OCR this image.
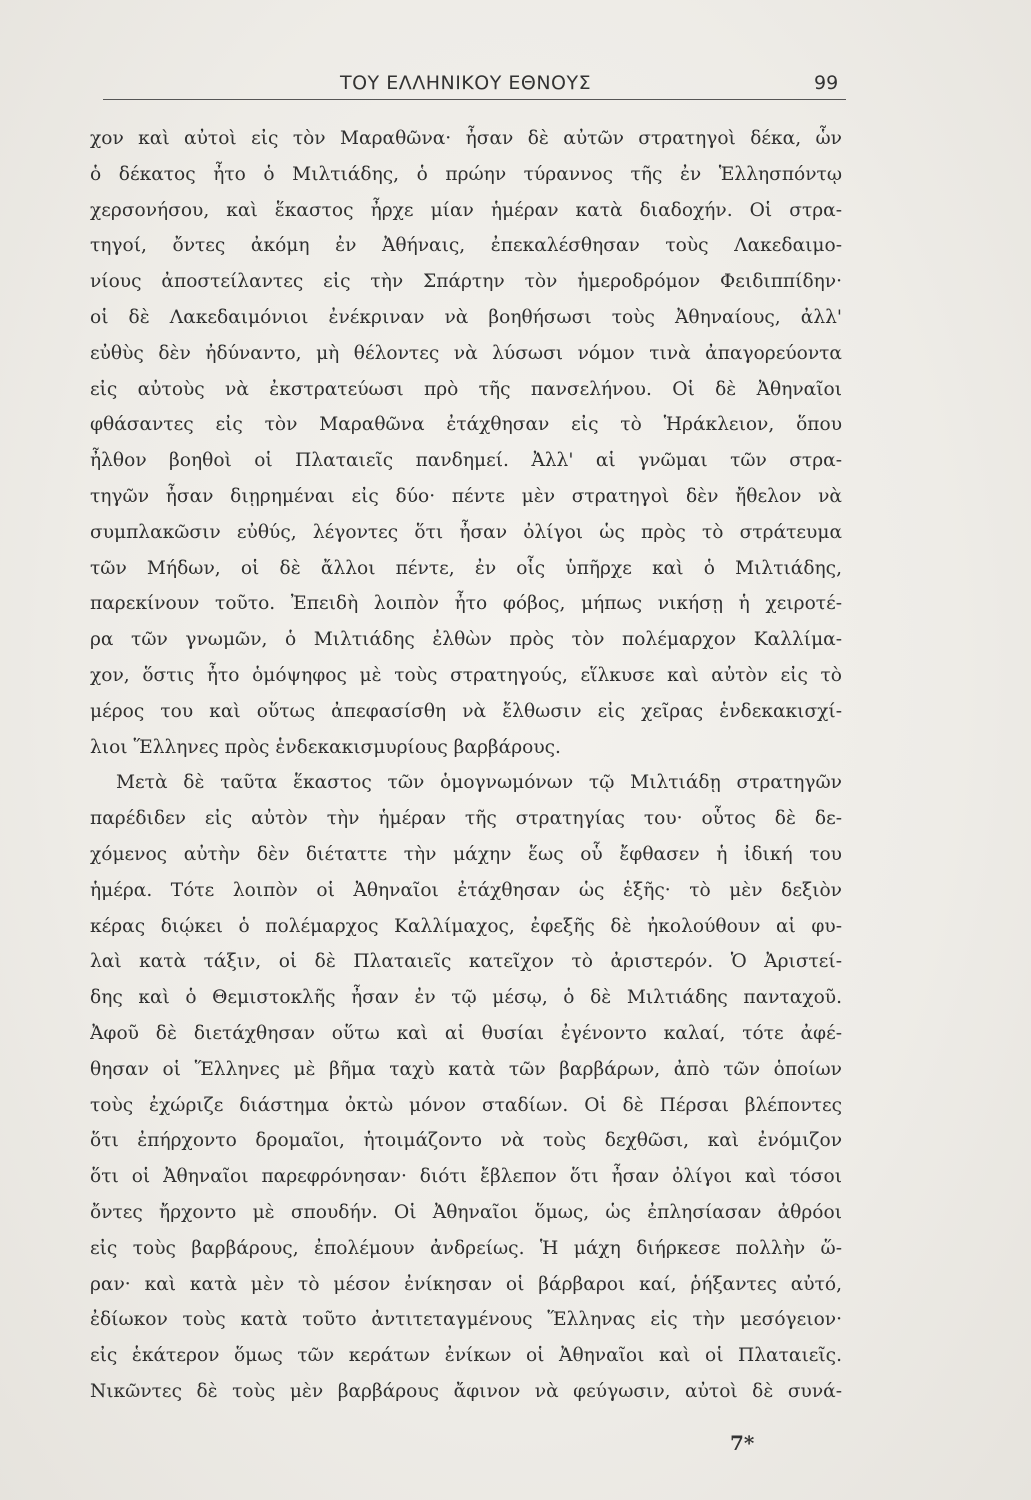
ΤΟΥ ΕΛΛΗΝΙΚΟΥ ΕΘΝΟΥΣ	99
χον καὶ αὐτοὶ εἰς τὸν Μαραθῶνα· ἦσαν δὲ αὐτῶν στρατηγοὶ δέκα, ὧν
ὁ δέκατος ἦτο ὁ Μιλτιάδης, ὁ πρώην τύραννος τῆς ἐν Ἑλλησπόντῳ
χερσονήσου, καὶ ἕκαστος ἦρχε μίαν ἡμέραν κατὰ διαδοχήν. Οἱ στρα-
τηγοί, ὄντες ἀκόμη ἐν Ἀθήναις, ἐπεκαλέσθησαν τοὺς Λακεδαιμο-
νίους ἀποστείλαντες εἰς τὴν Σπάρτην τὸν ἡμεροδρόμον Φειδιππίδην·
οἱ δὲ Λακεδαιμόνιοι ἐνέκριναν νὰ βοηθήσωσι τοὺς Ἀθηναίους, ἀλλ'
εὐθὺς δὲν ἠδύναντο, μὴ θέλοντες νὰ λύσωσι νόμον τινὰ ἀπαγορεύοντα
εἰς αὐτοὺς νὰ ἐκστρατεύωσι πρὸ τῆς πανσελήνου. Οἱ δὲ Ἀθηναῖοι
φθάσαντες εἰς τὸν Μαραθῶνα ἐτάχθησαν εἰς τὸ Ἡράκλειον, ὅπου
ἦλθον βοηθοὶ οἱ Πλαταιεῖς πανδημεί. Ἀλλ' αἱ γνῶμαι τῶν στρα-
τηγῶν ἦσαν διῃρημέναι εἰς δύο· πέντε μὲν στρατηγοὶ δὲν ἤθελον νὰ
συμπλακῶσιν εὐθύς, λέγοντες ὅτι ἦσαν ὀλίγοι ὡς πρὸς τὸ στράτευμα
τῶν Μήδων, οἱ δὲ ἄλλοι πέντε, ἐν οἷς ὑπῆρχε καὶ ὁ Μιλτιάδης,
παρεκίνουν τοῦτο. Ἐπειδὴ λοιπὸν ἦτο φόβος, μήπως νικήσῃ ἡ χειροτέ-
ρα τῶν γνωμῶν, ὁ Μιλτιάδης ἐλθὼν πρὸς τὸν πολέμαρχον Καλλίμα-
χον, ὅστις ἦτο ὁμόψηφος μὲ τοὺς στρατηγούς, εἵλκυσε καὶ αὐτὸν εἰς τὸ
μέρος του καὶ οὕτως ἀπεφασίσθη νὰ ἔλθωσιν εἰς χεῖρας ἑνδεκακισχί-
λιοι Ἕλληνες πρὸς ἑνδεκακισμυρίους βαρβάρους.
Μετὰ δὲ ταῦτα ἕκαστος τῶν ὁμογνωμόνων τῷ Μιλτιάδῃ στρατηγῶν
παρέδιδεν εἰς αὐτὸν τὴν ἡμέραν τῆς στρατηγίας του· οὗτος δὲ δε-
χόμενος αὐτὴν δὲν διέταττε τὴν μάχην ἕως οὗ ἔφθασεν ἡ ἰδική του
ἡμέρα. Τότε λοιπὸν οἱ Ἀθηναῖοι ἐτάχθησαν ὡς ἑξῆς· τὸ μὲν δεξιὸν
κέρας διῴκει ὁ πολέμαρχος Καλλίμαχος, ἐφεξῆς δὲ ἠκολούθουν αἱ φυ-
λαὶ κατὰ τάξιν, οἱ δὲ Πλαταιεῖς κατεῖχον τὸ ἀριστερόν. Ὁ Ἀριστεί-
δης καὶ ὁ Θεμιστοκλῆς ἦσαν ἐν τῷ μέσῳ, ὁ δὲ Μιλτιάδης πανταχοῦ.
Ἀφοῦ δὲ διετάχθησαν οὕτω καὶ αἱ θυσίαι ἐγένοντο καλαί, τότε ἀφέ-
θησαν οἱ Ἕλληνες μὲ βῆμα ταχὺ κατὰ τῶν βαρβάρων, ἀπὸ τῶν ὁποίων
τοὺς ἐχώριζε διάστημα ὀκτὼ μόνον σταδίων. Οἱ δὲ Πέρσαι βλέποντες
ὅτι ἐπήρχοντο δρομαῖοι, ἡτοιμάζοντο νὰ τοὺς δεχθῶσι, καὶ ἐνόμιζον
ὅτι οἱ Ἀθηναῖοι παρεφρόνησαν· διότι ἔβλεπον ὅτι ἦσαν ὀλίγοι καὶ τόσοι
ὄντες ἤρχοντο μὲ σπουδήν. Οἱ Ἀθηναῖοι ὅμως, ὡς ἐπλησίασαν ἀθρόοι
εἰς τοὺς βαρβάρους, ἐπολέμουν ἀνδρείως. Ἡ μάχη διήρκεσε πολλὴν ὥ-
ραν· καὶ κατὰ μὲν τὸ μέσον ἐνίκησαν οἱ βάρβαροι καί, ῥήξαντες αὐτό,
ἐδίωκον τοὺς κατὰ τοῦτο ἀντιτεταγμένους Ἕλληνας εἰς τὴν μεσόγειον·
εἰς ἑκάτερον ὅμως τῶν κεράτων ἐνίκων οἱ Ἀθηναῖοι καὶ οἱ Πλαταιεῖς.
Νικῶντες δὲ τοὺς μὲν βαρβάρους ἄφινον νὰ φεύγωσιν, αὐτοὶ δὲ συνά-
7*
